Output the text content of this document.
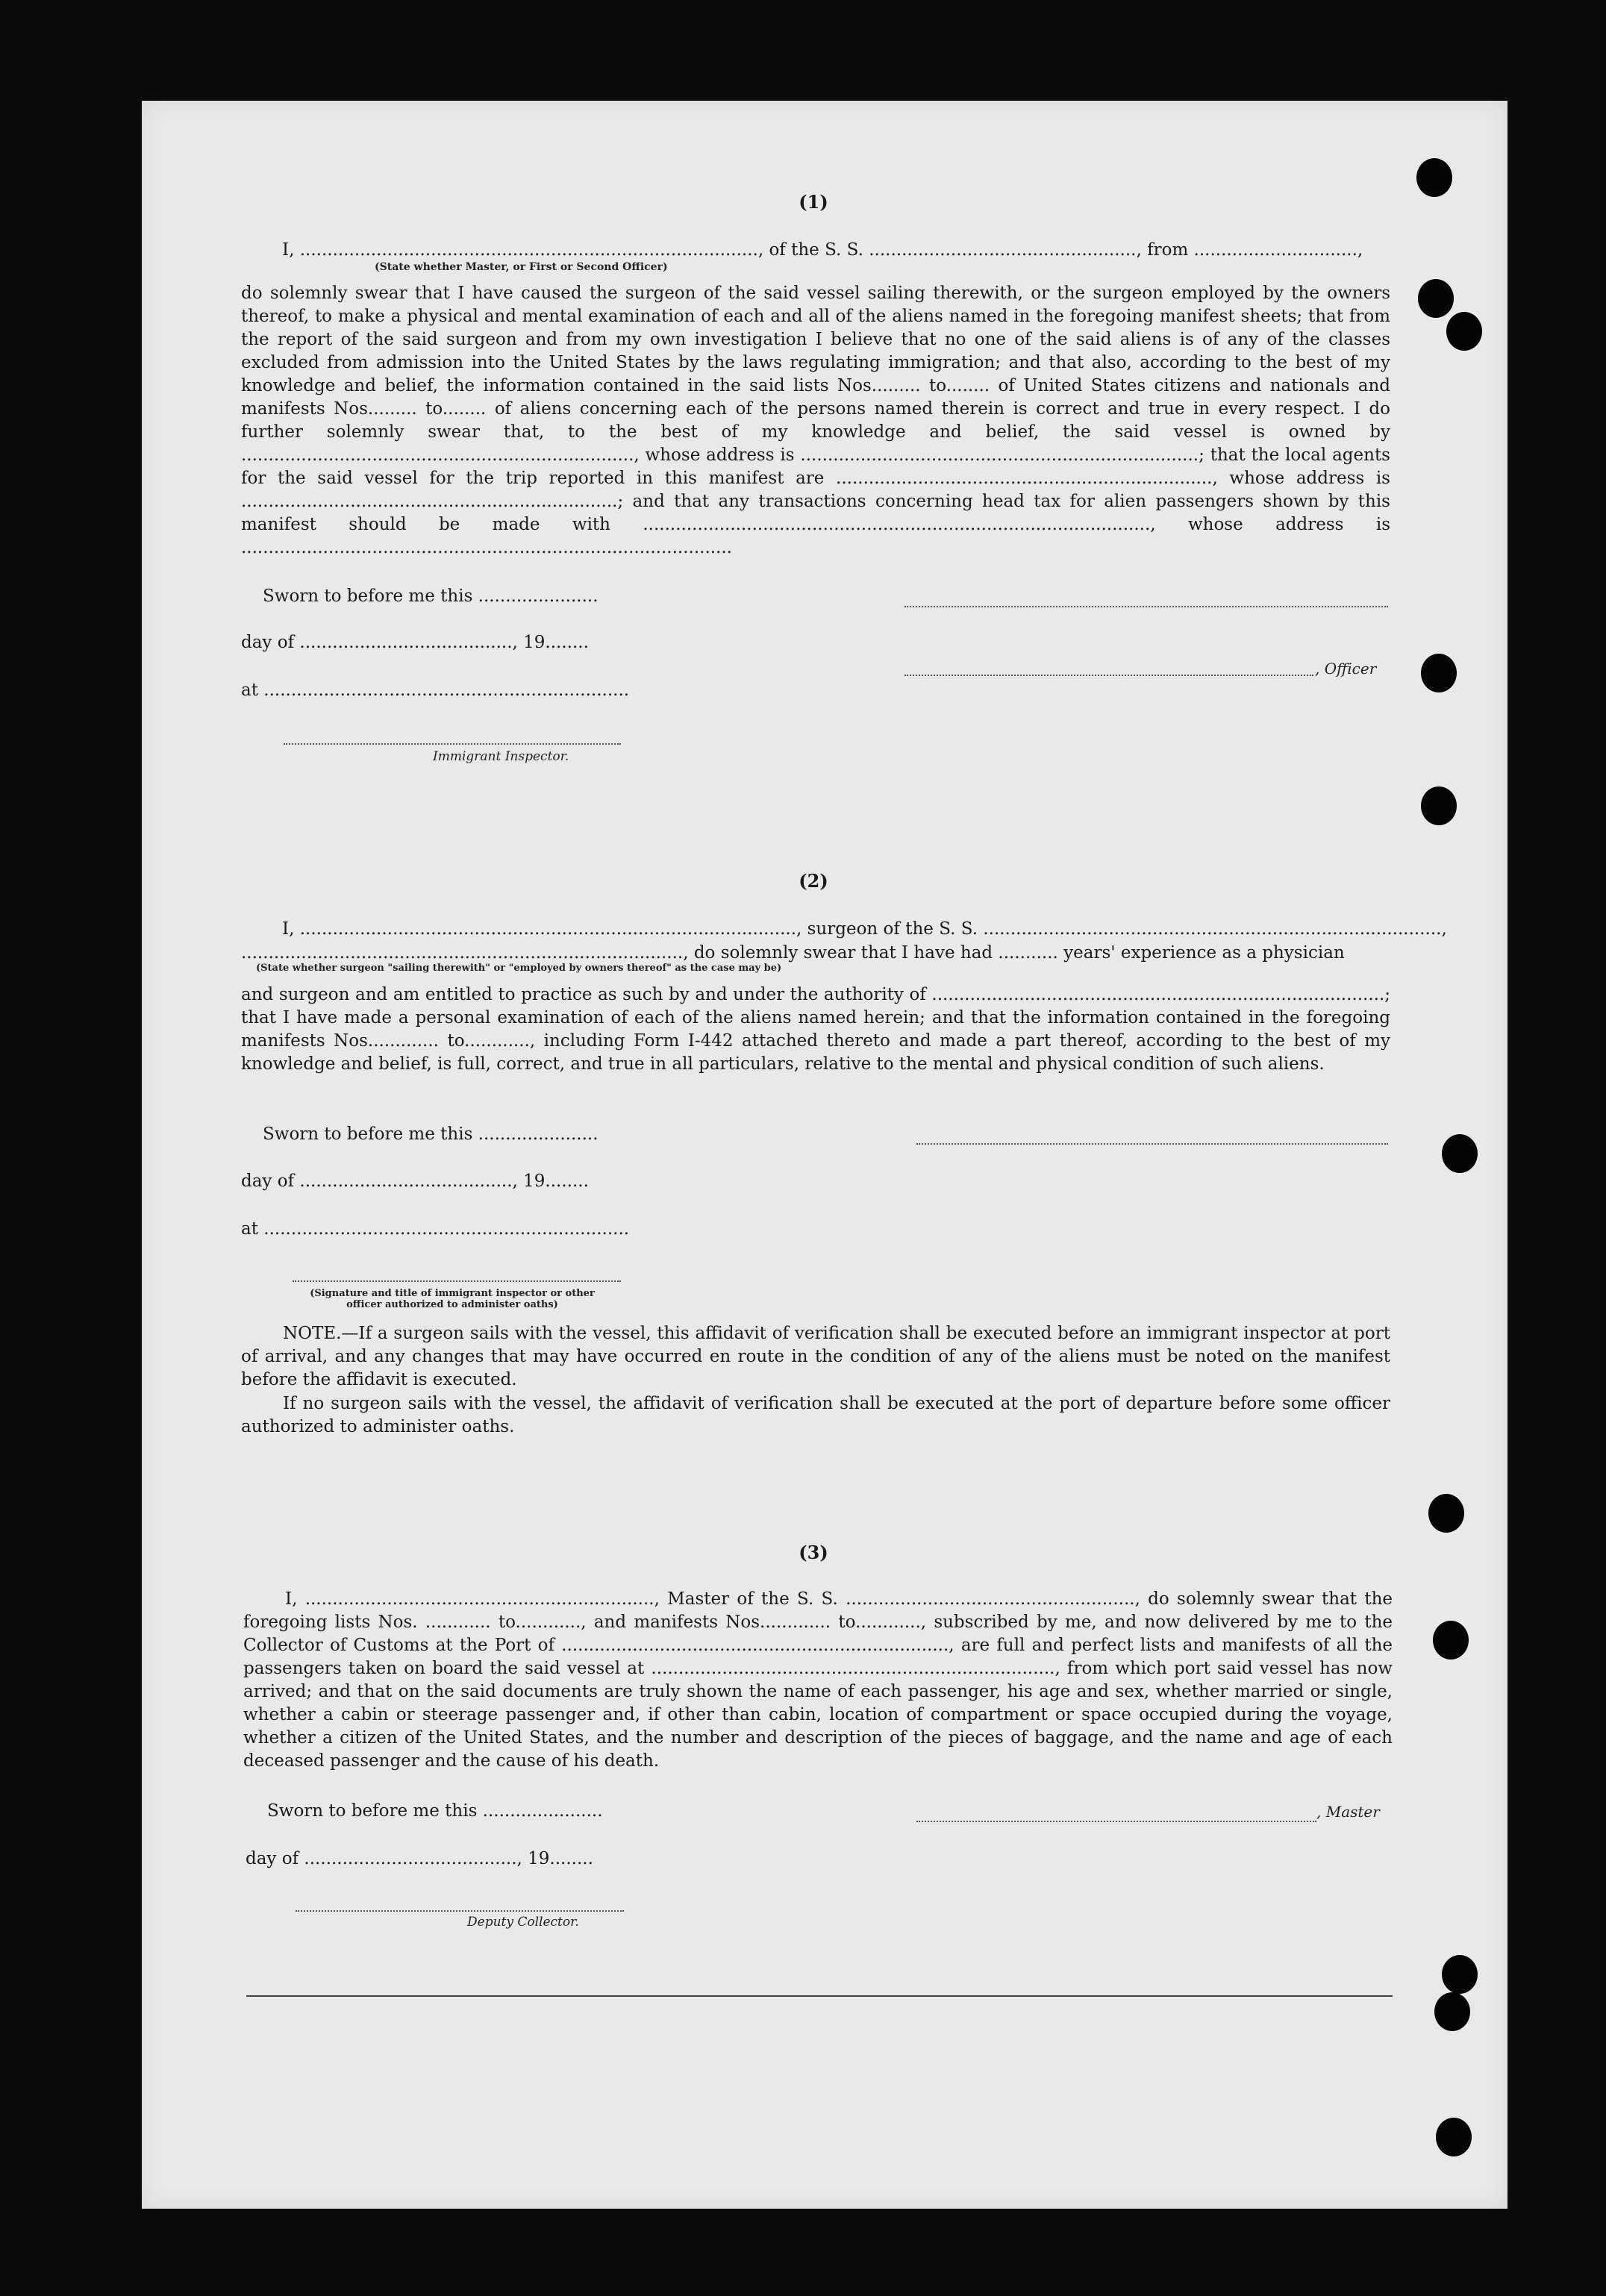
(1)

I, ...................................................................................., of the S. S. ................................................., from ..............................,

(State whether Master, or First or Second Officer)

do solemnly swear that I have caused the surgeon of the said vessel sailing therewith, or the surgeon employed by the owners thereof, to make a physical and mental examination of each and all of the aliens named in the foregoing manifest sheets; that from the report of the said surgeon and from my own investigation I believe that no one of the said aliens is of any of the classes excluded from admission into the United States by the laws regulating immigration; and that also, according to the best of my knowledge and belief, the information contained in the said lists Nos......... to........ of United States citizens and nationals and manifests Nos......... to........ of aliens concerning each of the persons named therein is correct and true in every respect. I do further solemnly swear that, to the best of my knowledge and belief, the said vessel is owned by ........................................................................, whose address is .........................................................................; that the local agents for the said vessel for the trip reported in this manifest are ....................................................................., whose address is .....................................................................; and that any transactions concerning head tax for alien passengers shown by this manifest should be made with ............................................................................................., whose address is ..........................................................................................

Sworn to before me this ......................

day of ......................................., 19........

at ...................................................................

, Officer

Immigrant Inspector.

(2)

I, ..........................................................................................., surgeon of the S. S. ....................................................................................,

................................................................................., do solemnly swear that I have had ........... years' experience as a physician

(State whether surgeon "sailing therewith" or "employed by owners thereof" as the case may be)

and surgeon and am entitled to practice as such by and under the authority of ...................................................................................; that I have made a personal examination of each of the aliens named herein; and that the information contained in the foregoing manifests Nos............. to............, including Form I-442 attached thereto and made a part thereof, according to the best of my knowledge and belief, is full, correct, and true in all particulars, relative to the mental and physical condition of such aliens.

Sworn to before me this ......................

day of ......................................., 19........

at ...................................................................

(Signature and title of immigrant inspector or other officer authorized to administer oaths)

NOTE.—If a surgeon sails with the vessel, this affidavit of verification shall be executed before an immigrant inspector at port of arrival, and any changes that may have occurred en route in the condition of any of the aliens must be noted on the manifest before the affidavit is executed.

If no surgeon sails with the vessel, the affidavit of verification shall be executed at the port of departure before some officer authorized to administer oaths.

(3)

I, ................................................................, Master of the S. S. ....................................................., do solemnly swear that the foregoing lists Nos. ............ to............, and manifests Nos............. to............, subscribed by me, and now delivered by me to the Collector of Customs at the Port of ......................................................................., are full and perfect lists and manifests of all the passengers taken on board the said vessel at .........................................................................., from which port said vessel has now arrived; and that on the said documents are truly shown the name of each passenger, his age and sex, whether married or single, whether a cabin or steerage passenger and, if other than cabin, location of compartment or space occupied during the voyage, whether a citizen of the United States, and the number and description of the pieces of baggage, and the name and age of each deceased passenger and the cause of his death.

Sworn to before me this ......................	, Master

day of ......................................., 19........

Deputy Collector.
